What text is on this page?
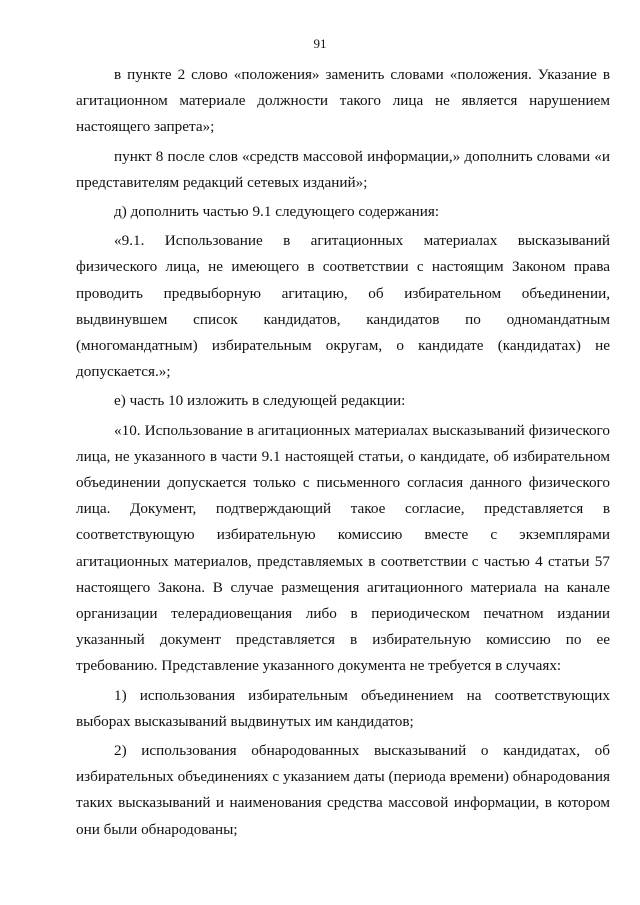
91

в пункте 2 слово «положения» заменить словами «положения. Указание в агитационном материале должности такого лица не является нарушением настоящего запрета»;

пункт 8 после слов «средств массовой информации,» дополнить словами «и представителям редакций сетевых изданий»;

д) дополнить частью 9.1 следующего содержания:

«9.1. Использование в агитационных материалах высказываний физического лица, не имеющего в соответствии с настоящим Законом права проводить предвыборную агитацию, об избирательном объединении, выдвинувшем список кандидатов, кандидатов по одномандатным (многомандатным) избирательным округам, о кандидате (кандидатах) не допускается.»;

е) часть 10 изложить в следующей редакции:

«10. Использование в агитационных материалах высказываний физического лица, не указанного в части 9.1 настоящей статьи, о кандидате, об избирательном объединении допускается только с письменного согласия данного физического лица. Документ, подтверждающий такое согласие, представляется в соответствующую избирательную комиссию вместе с экземплярами агитационных материалов, представляемых в соответствии с частью 4 статьи 57 настоящего Закона. В случае размещения агитационного материала на канале организации телерадиовещания либо в периодическом печатном издании указанный документ представляется в избирательную комиссию по ее требованию. Представление указанного документа не требуется в случаях:

1) использования избирательным объединением на соответствующих выборах высказываний выдвинутых им кандидатов;

2) использования обнародованных высказываний о кандидатах, об избирательных объединениях с указанием даты (периода времени) обнародования таких высказываний и наименования средства массовой информации, в котором они были обнародованы;
